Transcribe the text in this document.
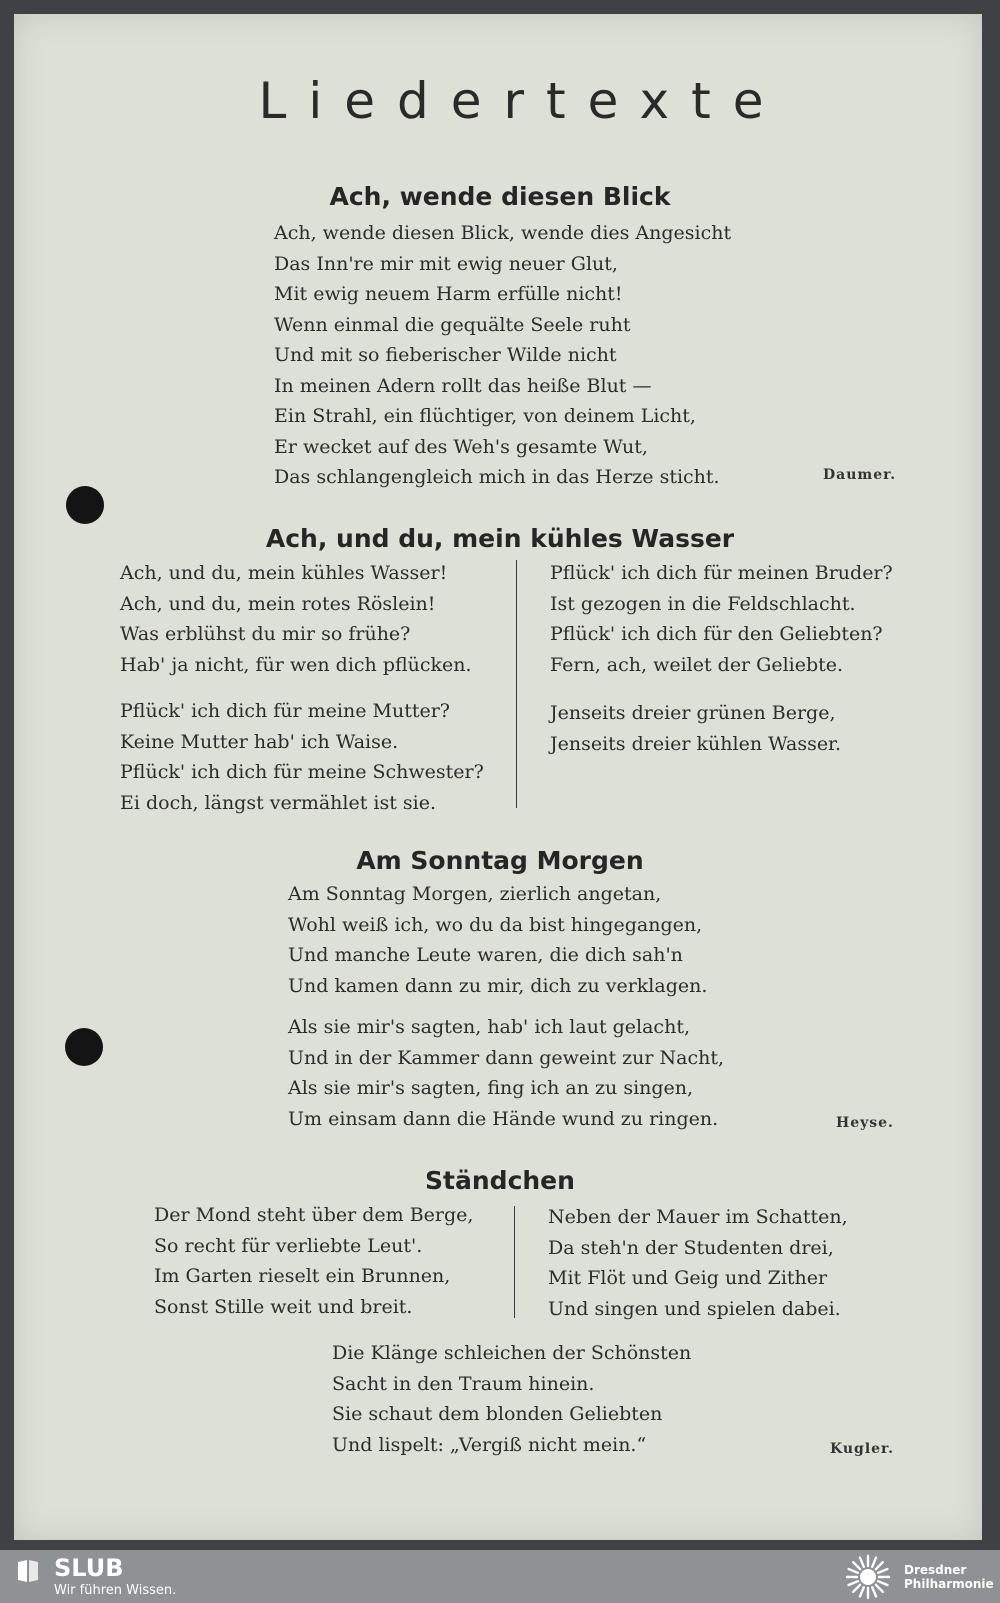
Liedertexte
Ach, wende diesen Blick
Ach, wende diesen Blick, wende dies Angesicht
Das Inn're mir mit ewig neuer Glut,
Mit ewig neuem Harm erfülle nicht!
Wenn einmal die gequälte Seele ruht
Und mit so fieberischer Wilde nicht
In meinen Adern rollt das heiße Blut —
Ein Strahl, ein flüchtiger, von deinem Licht,
Er wecket auf des Weh's gesamte Wut,
Das schlangengleich mich in das Herze sticht.	Daumer.
Ach, und du, mein kühles Wasser
Ach, und du, mein kühles Wasser!
Ach, und du, mein rotes Röslein!
Was erblühst du mir so frühe?
Hab' ja nicht, für wen dich pflücken.
Pflück' ich dich für meine Mutter?
Keine Mutter hab' ich Waise.
Pflück' ich dich für meine Schwester?
Ei doch, längst vermählet ist sie.
Pflück' ich dich für meinen Bruder?
Ist gezogen in die Feldschlacht.
Pflück' ich dich für den Geliebten?
Fern, ach, weilet der Geliebte.
Jenseits dreier grünen Berge,
Jenseits dreier kühlen Wasser.
Am Sonntag Morgen
Am Sonntag Morgen, zierlich angetan,
Wohl weiß ich, wo du da bist hingegangen,
Und manche Leute waren, die dich sah'n
Und kamen dann zu mir, dich zu verklagen.
Als sie mir's sagten, hab' ich laut gelacht,
Und in der Kammer dann geweint zur Nacht,
Als sie mir's sagten, fing ich an zu singen,
Um einsam dann die Hände wund zu ringen.	Heyse.
Ständchen
Der Mond steht über dem Berge,
So recht für verliebte Leut'.
Im Garten rieselt ein Brunnen,
Sonst Stille weit und breit.
Neben der Mauer im Schatten,
Da steh'n der Studenten drei,
Mit Flöt und Geig und Zither
Und singen und spielen dabei.
Die Klänge schleichen der Schönsten
Sacht in den Traum hinein.
Sie schaut dem blonden Geliebten
Und lispelt: „Vergiß nicht mein.“	Kugler.
SLUB
Wir führen Wissen.
Dresdner
Philharmonie
